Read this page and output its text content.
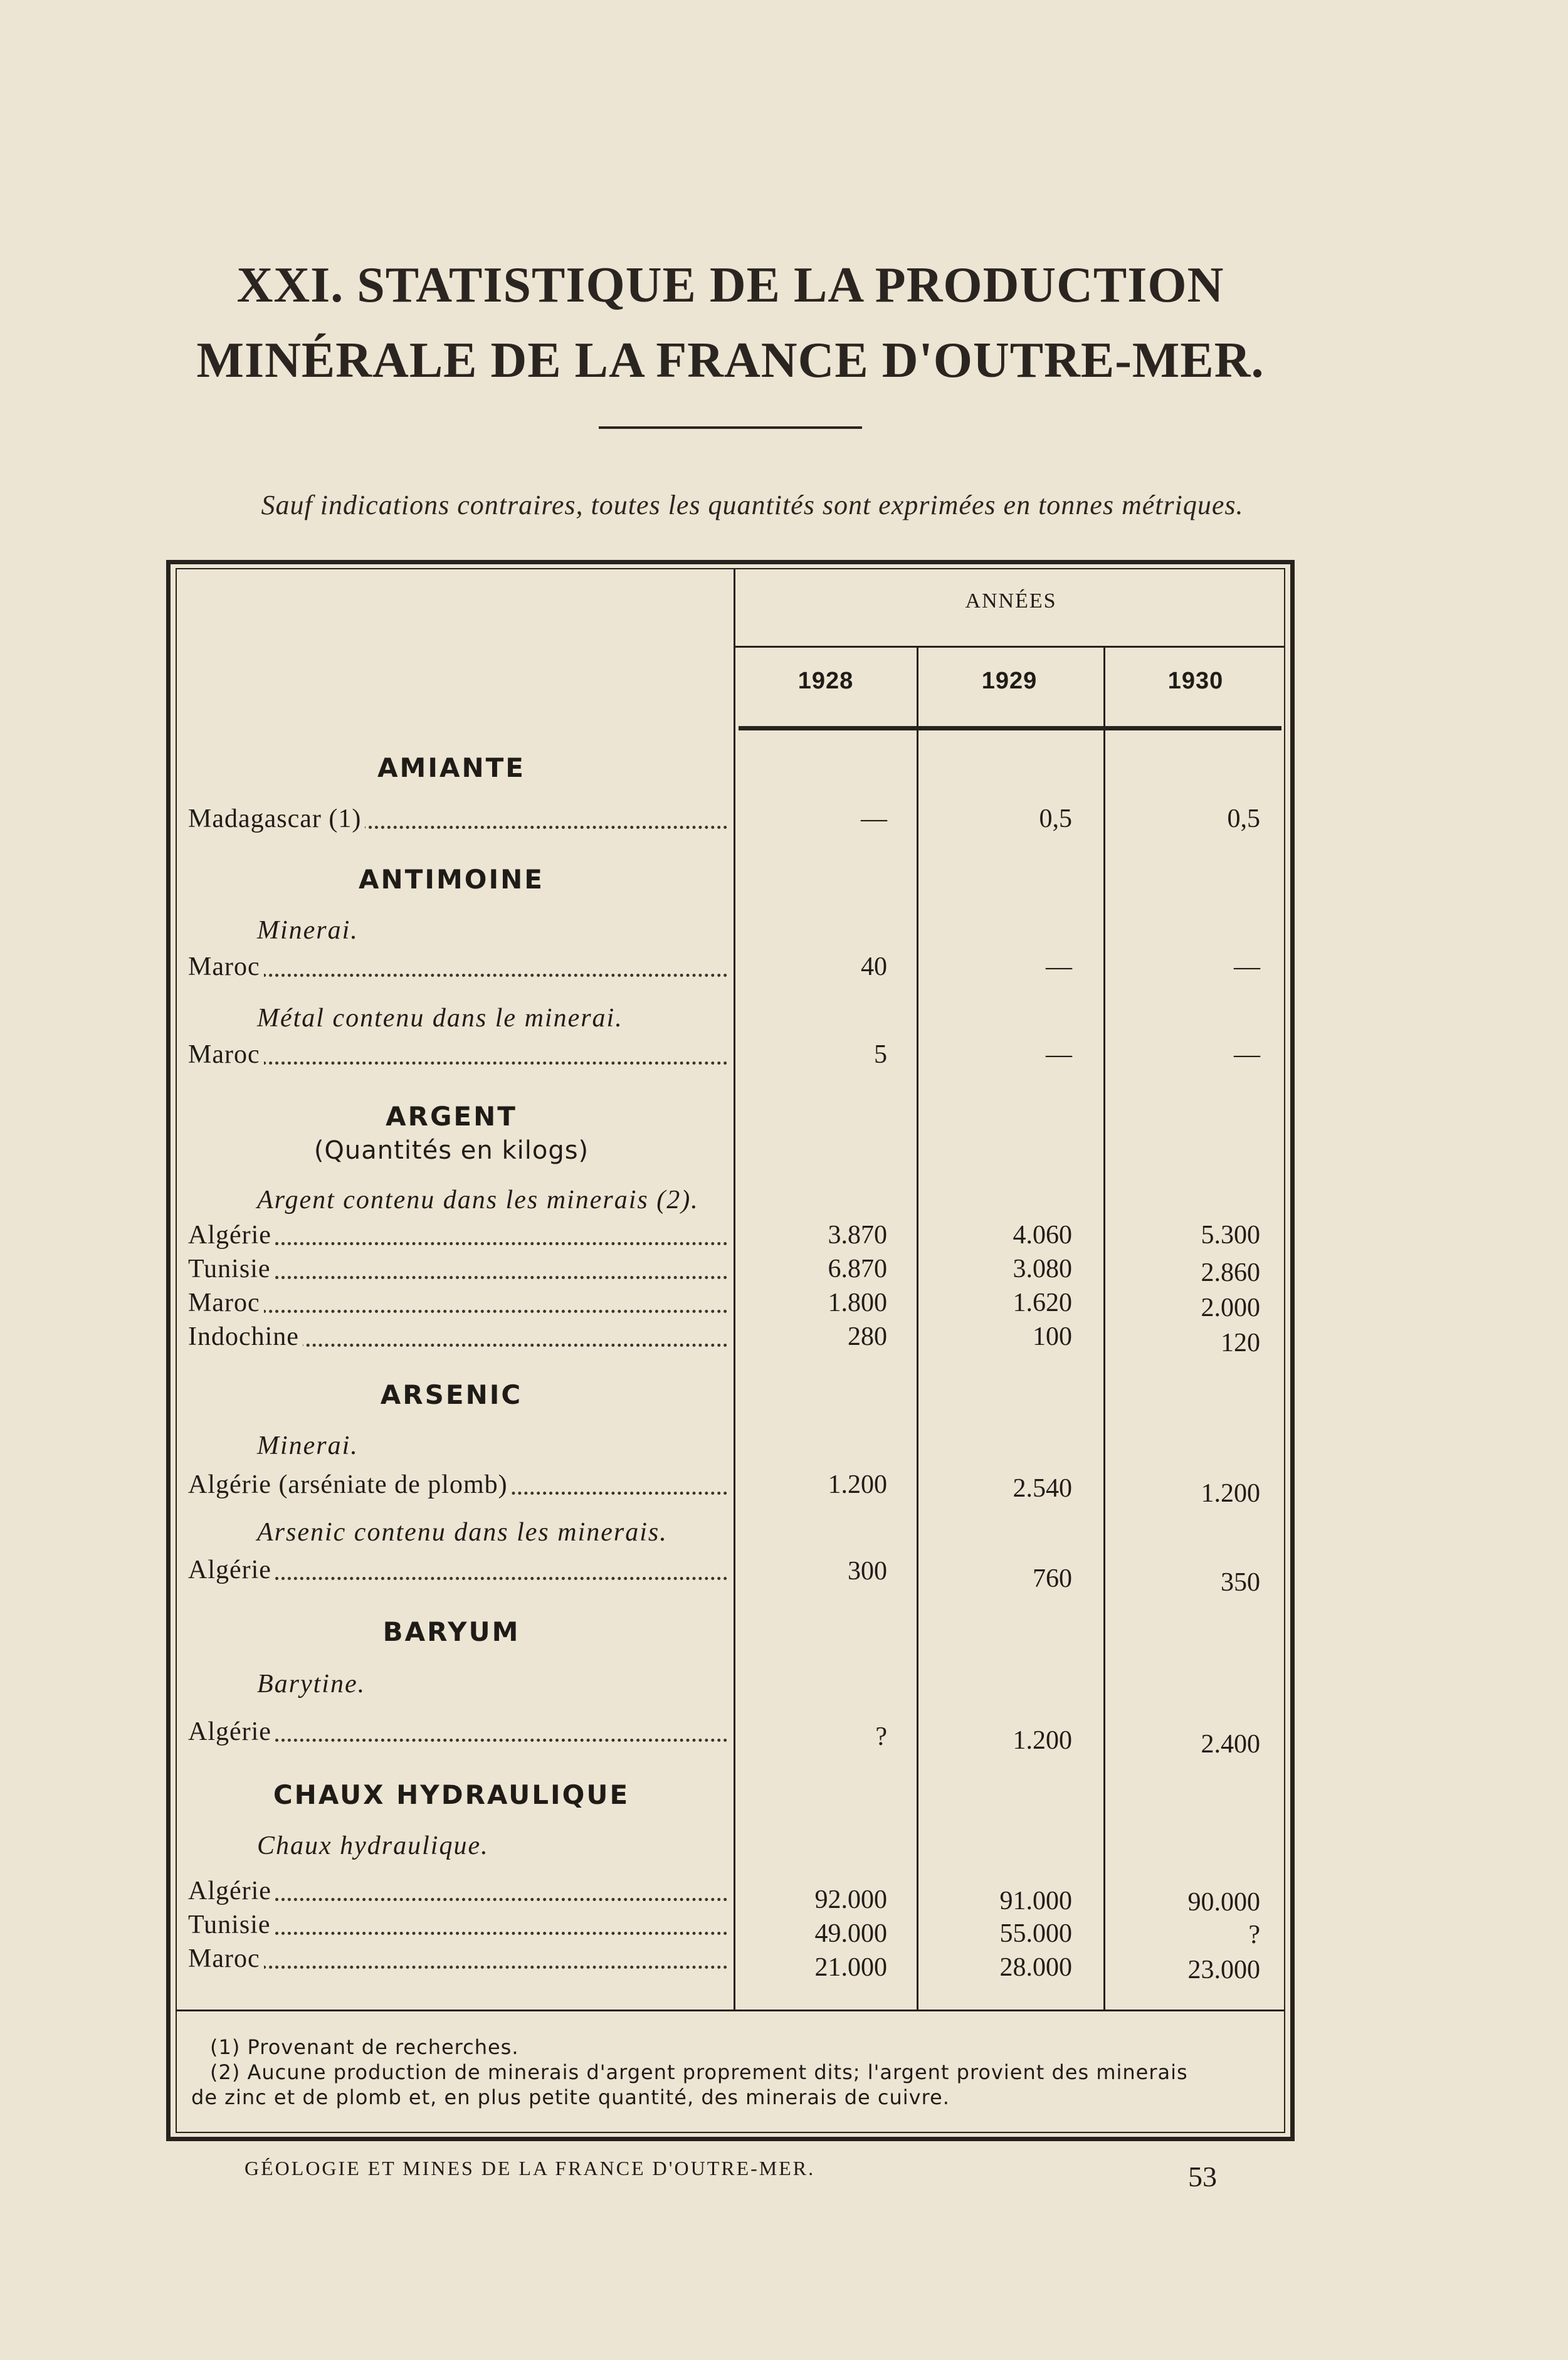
XXI. STATISTIQUE DE LA PRODUCTION
MINÉRALE DE LA FRANCE D'OUTRE-MER.
Sauf indications contraires, toutes les quantités sont exprimées en tonnes métriques.
ANNÉES
1928	1929	1930
AMIANTE
Madagascar (1)	—	0,5	0,5
ANTIMOINE
Minerai.
Maroc	40	—	—
Métal contenu dans le minerai.
Maroc	5	—	—
ARGENT
(Quantités en kilogs)
Argent contenu dans les minerais (2).
Algérie	3.870	4.060	5.300
Tunisie	6.870	3.080	2.860
Maroc	1.800	1.620	2.000
Indochine	280	100	120
ARSENIC
Minerai.
Algérie (arséniate de plomb)	1.200	2.540	1.200
Arsenic contenu dans les minerais.
Algérie	300	760	350
BARYUM
Barytine.
Algérie	?	1.200	2.400
CHAUX HYDRAULIQUE
Chaux hydraulique.
Algérie	92.000	91.000	90.000
Tunisie	49.000	55.000	?
Maroc	21.000	28.000	23.000
(1) Provenant de recherches.
(2) Aucune production de minerais d'argent proprement dits; l'argent provient des minerais
de zinc et de plomb et, en plus petite quantité, des minerais de cuivre.
GÉOLOGIE ET MINES DE LA FRANCE D'OUTRE-MER.	53
